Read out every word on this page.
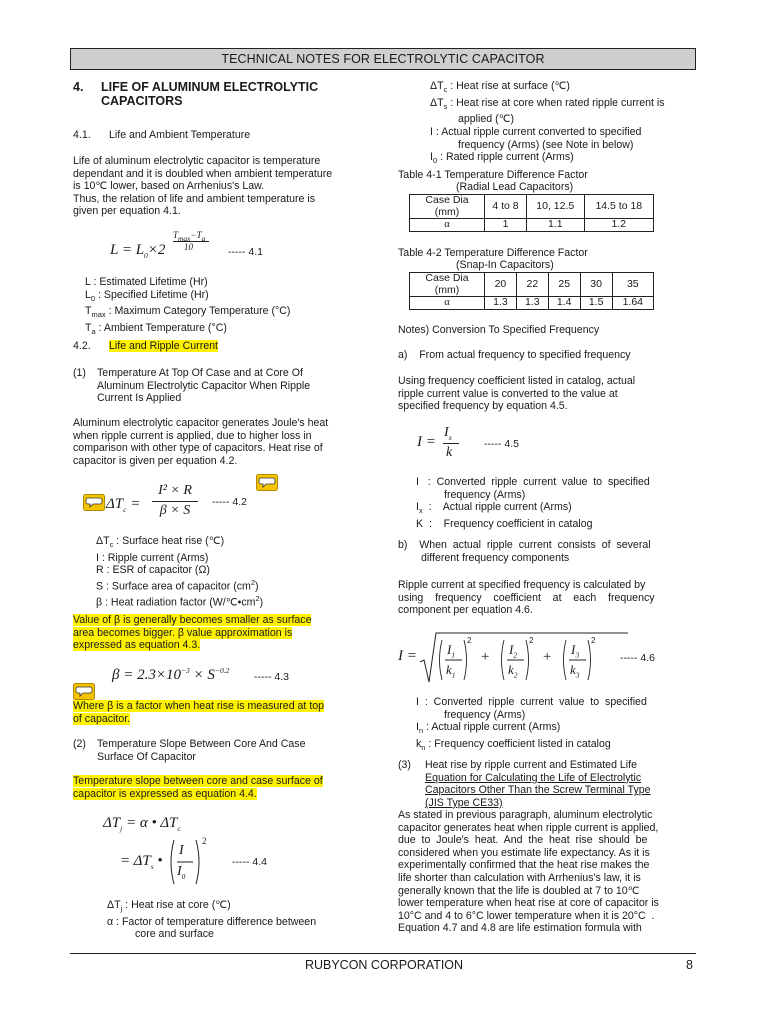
TECHNICAL NOTES FOR ELECTROLYTIC CAPACITOR
4. LIFE OF ALUMINUM ELECTROLYTIC
CAPACITORS
4.1. Life and Ambient Temperature
Life of aluminum electrolytic capacitor is temperature
dependant and it is doubled when ambient temperature
is 10℃ lower, based on Arrhenius's Law.
Thus, the relation of life and ambient temperature is
given per equation 4.1.
$T_{max}-T_a$
10
$L = L_0\times 2$	----- 4.1
L : Estimated Lifetime (Hr)
$L_0$ : Specified Lifetime (Hr)
$T_{max}$ : Maximum Category Temperature (°C)
$T_a$ : Ambient Temperature (°C)
4.2. Life and Ripple Current
(1) Temperature At Top Of Case and at Core Of
Aluminum Electrolytic Capacitor When Ripple
Current Is Applied
Aluminum electrolytic capacitor generates Joule's heat
when ripple current is applied, due to higher loss in
comparison with other type of capacitors. Heat rise of
capacitor is given per equation 4.2.
$\Delta T_c$ =
I² × R
β × S
----- 4.2
$\Delta T_c$ : Surface heat rise (℃)
I : Ripple current (Arms)
R : ESR of capacitor (Ω)
S : Surface area of capacitor $(cm^2)$
β : Heat radiation factor $(W/℃•cm^2)$
Value of β is generally becomes smaller as surface
area becomes bigger. β value approximation is
expressed as equation 4.3.
$\beta = 2.3\times 10^{-3} \times S^{-0.2}$
----- 4.3
Where β is a factor when heat rise is measured at top
of capacitor.
(2) Temperature Slope Between Core And Case
Surface Of Capacitor
Temperature slope between core and case surface of
capacitor is expressed as equation 4.4.
$\Delta T_j = \alpha$ • $\Delta T_c$
= $\Delta T_s$ •
I
$I_0$
2
----- 4.4
$\Delta T_j$ : Heat rise at core (℃)
α : Factor of temperature difference between
core and surface
$\Delta T_c$ : Heat rise at surface (℃)
$\Delta T_s$ : Heat rise at core when rated ripple current is
applied (℃)
I : Actual ripple current converted to specified
frequency (Arms) (see Note in below)
$I_0$ : Rated ripple current (Arms)
Table 4-1 Temperature Difference Factor
(Radial Lead Capacitors)
Case Dia
(mm)	4 to 8	10, 12.5	14.5 to 18
α	1	1.1	1.2
Table 4-2 Temperature Difference Factor
(Snap-In Capacitors)
Case Dia
(mm)	20	22	25	30	35
α	1.3	1.3	1.4	1.5	1.64
Notes) Conversion To Specified Frequency
a)    From actual frequency to specified frequency
Using frequency coefficient listed in catalog, actual
ripple current value is converted to the value at
specified frequency by equation 4.5.
I =
$I_x$
k
----- 4.5
I   :  Converted  ripple  current  value  to  specified
frequency (Arms)
$I_x$  :    Actual ripple current (Arms)
K  :    Frequency coefficient in catalog
b)    When  actual  ripple  current  consists  of  several
different frequency components
Ripple current at specified frequency is calculated by
using    frequency    coefficient    at    each    frequency
component per equation 4.6.
$I = I_1$
$k_1$
2
+ $I_2$
$k_2$
2
+ $I_3$
$k_3$
2
----- 4.6
I  :  Converted  ripple  current  value  to  specified
frequency (Arms)
$I_n$ : Actual ripple current (Arms)
$k_n$ : Frequency coefficient listed in catalog
(3) Heat rise by ripple current and Estimated Life
Equation for Calculating the Life of Electrolytic
Capacitors Other Than the Screw Terminal Type
(JIS Type CE33)
As stated in previous paragraph, aluminum electrolytic
capacitor generates heat when ripple current is applied,
due  to  Joule's  heat.  And  the  heat  rise  should  be
considered when you estimate life expectancy. As it is
experimentally confirmed that the heat rise makes the
life shorter than calculation with Arrhenius's law, it is
generally known that the life is doubled at 7 to 10℃
lower temperature when heat rise at core of capacitor is
10°C and 4 to 6°C lower temperature when it is 20°C  .
Equation 4.7 and 4.8 are life estimation formula with
RUBYCON CORPORATION	8
